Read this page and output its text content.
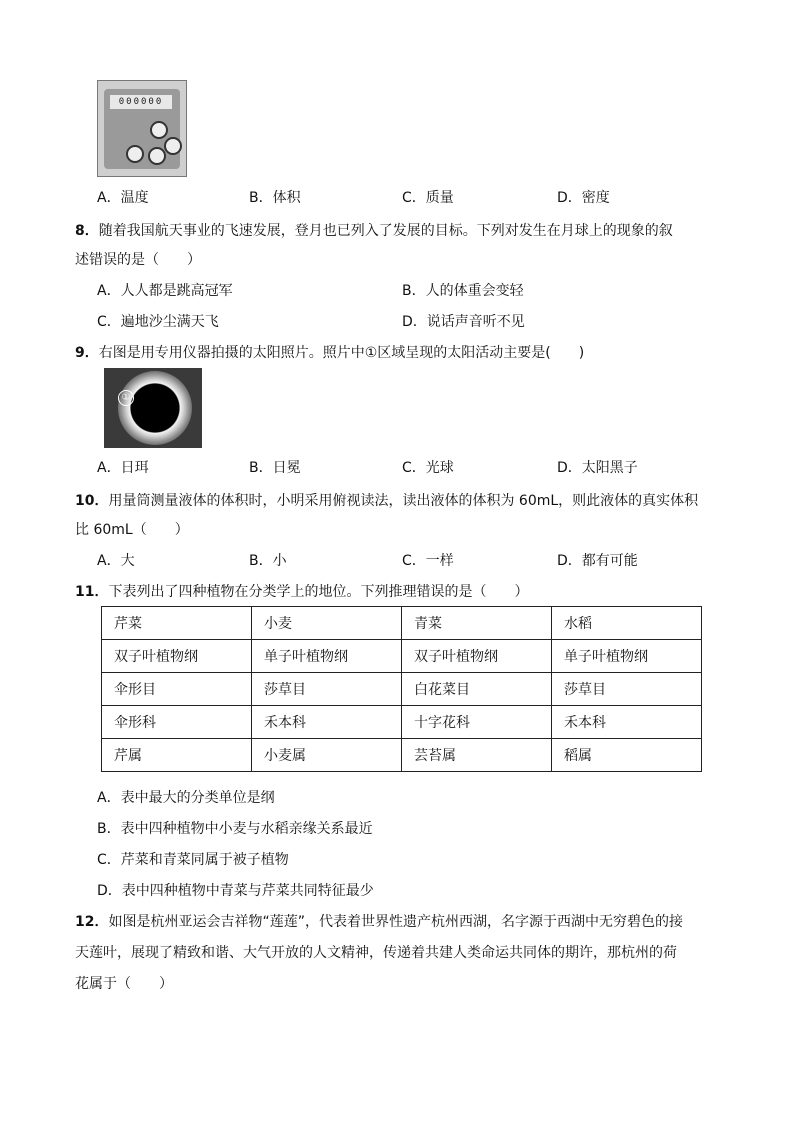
000000
A．温度	B．体积	C．质量	D．密度
8．随着我国航天事业的飞速发展，登月也已列入了发展的目标。下列对发生在月球上的现象的叙
述错误的是（　　）
A．人人都是跳高冠军	B．人的体重会变轻
C．遍地沙尘满天飞	D．说话声音听不见
9．右图是用专用仪器拍摄的太阳照片。照片中①区域呈现的太阳活动主要是(　　)
①
A．日珥	B．日冕	C．光球	D．太阳黑子
10．用量筒测量液体的体积时，小明采用俯视读法，读出液体的体积为 60mL，则此液体的真实体积
比 60mL（　　）
A．大	B．小	C．一样	D．都有可能
11．下表列出了四种植物在分类学上的地位。下列推理错误的是（　　）
芹菜	小麦	青菜	水稻
双子叶植物纲	单子叶植物纲	双子叶植物纲	单子叶植物纲
伞形目	莎草目	白花菜目	莎草目
伞形科	禾本科	十字花科	禾本科
芹属	小麦属	芸苔属	稻属
A．表中最大的分类单位是纲
B．表中四种植物中小麦与水稻亲缘关系最近
C．芹菜和青菜同属于被子植物
D．表中四种植物中青菜与芹菜共同特征最少
12．如图是杭州亚运会吉祥物“莲莲”，代表着世界性遗产杭州西湖，名字源于西湖中无穷碧色的接
天莲叶，展现了精致和谐、大气开放的人文精神，传递着共建人类命运共同体的期许，那杭州的荷
花属于（　　）
